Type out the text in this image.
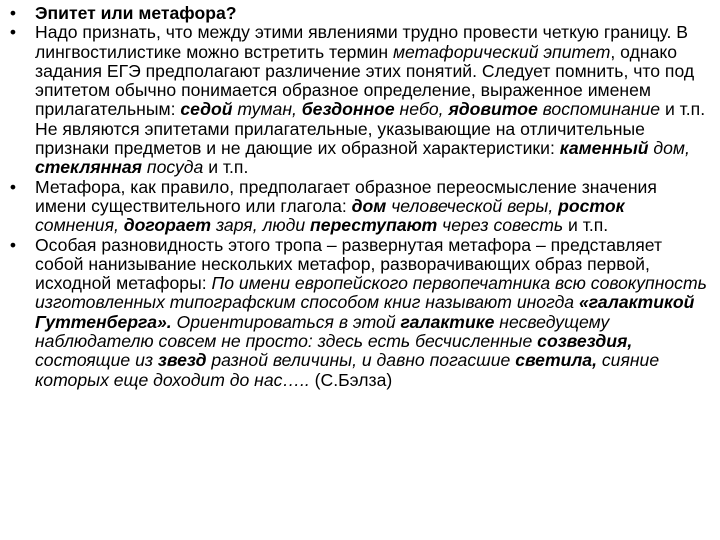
• Эпитет или метафора?
• Надо признать, что между этими явлениями трудно провести четкую границу. В лингвостилистике можно встретить термин метафорический эпитет, однако задания ЕГЭ предполагают различение этих понятий. Следует помнить, что под эпитетом обычно понимается образное определение, выраженное именем прилагательным: седой туман, бездонное небо, ядовитое воспоминание и т.п. Не являются эпитетами прилагательные, указывающие на отличительные признаки предметов и не дающие их образной характеристики: каменный дом, стеклянная посуда и т.п.
• Метафора, как правило, предполагает образное переосмысление значения имени существительного или глагола: дом человеческой веры, росток сомнения, догорает заря, люди переступают через совесть и т.п.
• Особая разновидность этого тропа – развернутая метафора – представляет собой нанизывание нескольких метафор, разворачивающих образ первой, исходной метафоры: По имени европейского первопечатника всю совокупность изготовленных типографским способом книг называют иногда «галактикой Гуттенберга». Ориентироваться в этой галактике несведущему наблюдателю совсем не просто: здесь есть бесчисленные созвездия, состоящие из звезд разной величины, и давно погасшие светила, сияние которых еще доходит до нас….. (С.Бэлза)
